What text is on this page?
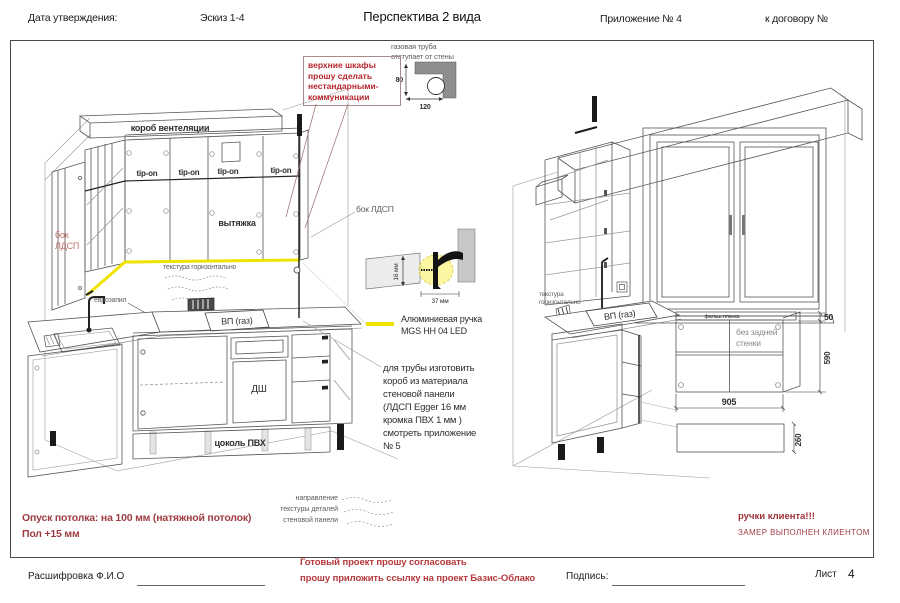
Дата утверждения:	Эскиз 1-4	Перспектива 2 вида	Приложение № 4	к договору №
короб вентеляции
tip-on	tip-on tip-on	tip-on
вытяжка
бок
ЛДСП
текстура горизонтально
еврозапил
ВП (газ)
ДШ
цоколь ПВХ
газовая труба
отступает от стены
80
120
бок ЛДСП
16 мм
37 мм
Алюминиевая ручка
MGS HH 04 LED
для трубы изготовить
короб из материала
стеновой панели
(ЛДСП Egger 16 мм
кромка ПВХ 1 мм )
смотреть приложение
№ 5
текстура
горизонтально
ВП (газ)	фальш планка
без задней
стенки
50
590
905
260
верхние шкафы
прошу сделать
нестандарными-
коммуникации
Опуск потолка: на 100 мм (натяжной потолок)
Пол +15 мм
направление
текстуры деталей
стеновой панели	ручки клиента!!!
ЗАМЕР ВЫПОЛНЕН КЛИЕНТОМ
Расшифровка Ф.И.О
Готовый проект прошу согласовать
прошу приложить ссылку на проект Базис-Облако	Подпись:	Лист 4
